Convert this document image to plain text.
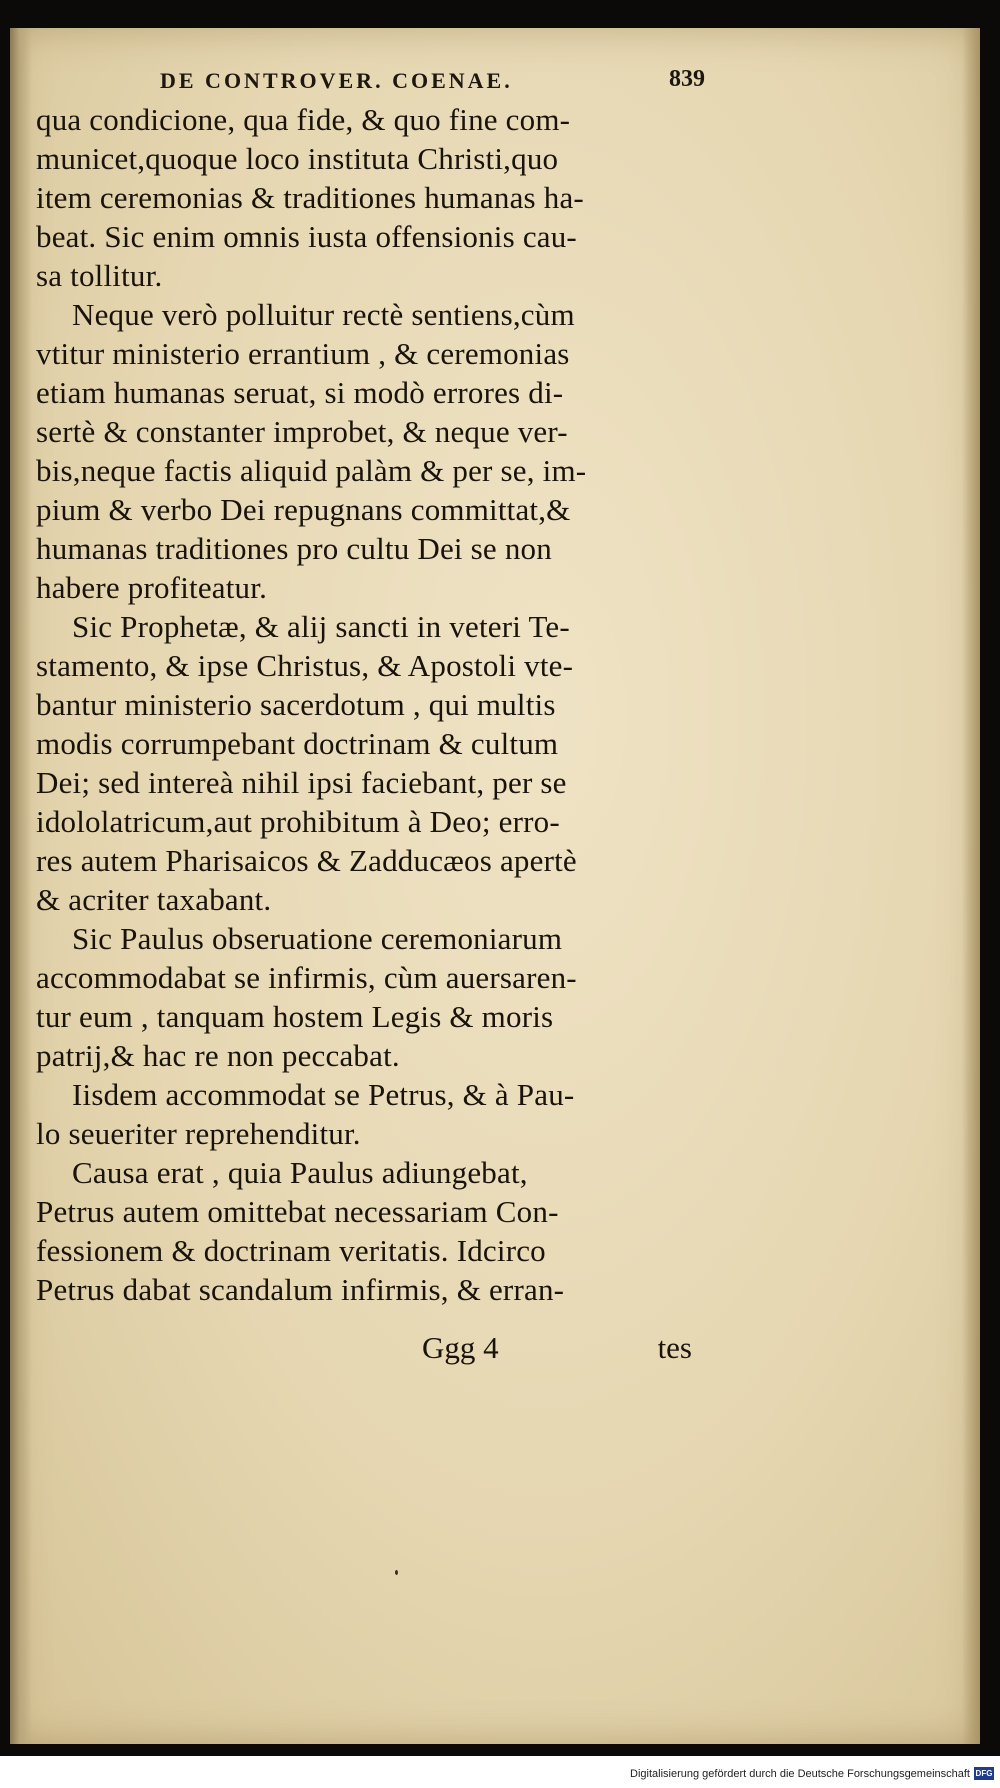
DE CONTROVER. COENAE.	839
qua condicione, qua fide, & quo fine com-
municet,quoque loco instituta Christi,quo
item ceremonias & traditiones humanas ha-
beat. Sic enim omnis iusta offensionis cau-
sa tollitur.
Neque verò polluitur rectè sentiens,cùm
vtitur ministerio errantium , & ceremonias
etiam humanas seruat, si modò errores di-
sertè & constanter improbet, & neque ver-
bis,neque factis aliquid palàm & per se, im-
pium & verbo Dei repugnans committat,&
humanas traditiones pro cultu Dei se non
habere profiteatur.
Sic Prophetæ, & alij sancti in veteri Te-
stamento, & ipse Christus, & Apostoli vte-
bantur ministerio sacerdotum , qui multis
modis corrumpebant doctrinam & cultum
Dei; sed intereà nihil ipsi faciebant, per se
idololatricum,aut prohibitum à Deo; erro-
res autem Pharisaicos & Zadducæos apertè
& acriter taxabant.
Sic Paulus obseruatione ceremoniarum
accommodabat se infirmis, cùm auersaren-
tur eum , tanquam hostem Legis & moris
patrij,& hac re non peccabat.
Iisdem accommodat se Petrus, & à Pau-
lo seueriter reprehenditur.
Causa erat , quia Paulus adiungebat,
Petrus autem omittebat necessariam Con-
fessionem & doctrinam veritatis. Idcirco
Petrus dabat scandalum infirmis, & erran-
Ggg 4	tes
Digitalisierung gefördert durch die Deutsche Forschungsgemeinschaft DFG
